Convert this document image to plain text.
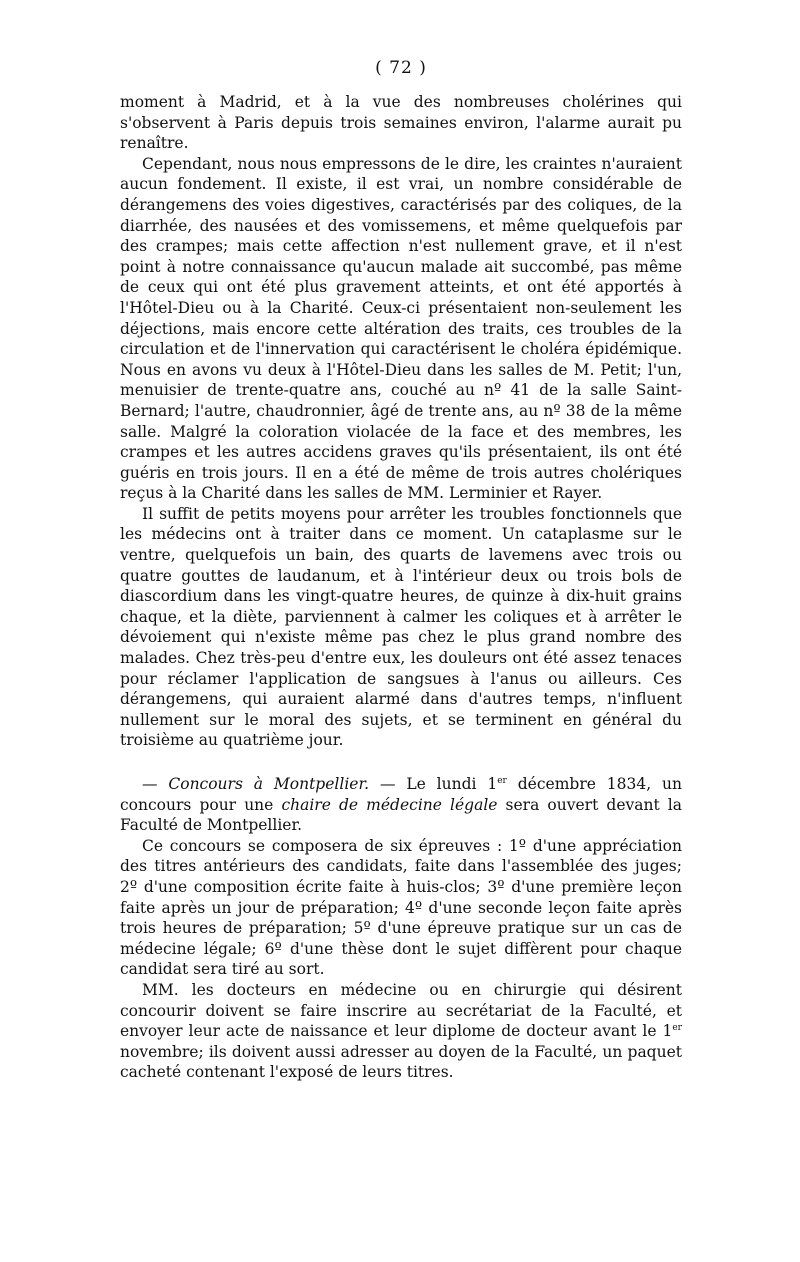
( 72 )

moment à Madrid, et à la vue des nombreuses cholérines qui s'observent à Paris depuis trois semaines environ, l'alarme aurait pu renaître.

Cependant, nous nous empressons de le dire, les craintes n'auraient aucun fondement. Il existe, il est vrai, un nombre considérable de dérangemens des voies digestives, caractérisés par des coliques, de la diarrhée, des nausées et des vomissemens, et même quelquefois par des crampes; mais cette affection n'est nullement grave, et il n'est point à notre connaissance qu'aucun malade ait succombé, pas même de ceux qui ont été plus gravement atteints, et ont été apportés à l'Hôtel-Dieu ou à la Charité. Ceux-ci présentaient non-seulement les déjections, mais encore cette altération des traits, ces troubles de la circulation et de l'innervation qui caractérisent le choléra épidémique. Nous en avons vu deux à l'Hôtel-Dieu dans les salles de M. Petit; l'un, menuisier de trente-quatre ans, couché au nº 41 de la salle Saint-Bernard; l'autre, chaudronnier, âgé de trente ans, au nº 38 de la même salle. Malgré la coloration violacée de la face et des membres, les crampes et les autres accidens graves qu'ils présentaient, ils ont été guéris en trois jours. Il en a été de même de trois autres cholériques reçus à la Charité dans les salles de MM. Lerminier et Rayer.

Il suffit de petits moyens pour arrêter les troubles fonctionnels que les médecins ont à traiter dans ce moment. Un cataplasme sur le ventre, quelquefois un bain, des quarts de lavemens avec trois ou quatre gouttes de laudanum, et à l'intérieur deux ou trois bols de diascordium dans les vingt-quatre heures, de quinze à dix-huit grains chaque, et la diète, parviennent à calmer les coliques et à arrêter le dévoiement qui n'existe même pas chez le plus grand nombre des malades. Chez très-peu d'entre eux, les douleurs ont été assez tenaces pour réclamer l'application de sangsues à l'anus ou ailleurs. Ces dérangemens, qui auraient alarmé dans d'autres temps, n'influent nullement sur le moral des sujets, et se terminent en général du troisième au quatrième jour.

— Concours à Montpellier. — Le lundi 1er décembre 1834, un concours pour une chaire de médecine légale sera ouvert devant la Faculté de Montpellier.

Ce concours se composera de six épreuves : 1º d'une appréciation des titres antérieurs des candidats, faite dans l'assemblée des juges; 2º d'une composition écrite faite à huis-clos; 3º d'une première leçon faite après un jour de préparation; 4º d'une seconde leçon faite après trois heures de préparation; 5º d'une épreuve pratique sur un cas de médecine légale; 6º d'une thèse dont le sujet diffèrent pour chaque candidat sera tiré au sort.

MM. les docteurs en médecine ou en chirurgie qui désirent concourir doivent se faire inscrire au secrétariat de la Faculté, et envoyer leur acte de naissance et leur diplome de docteur avant le 1er novembre; ils doivent aussi adresser au doyen de la Faculté, un paquet cacheté contenant l'exposé de leurs titres.
